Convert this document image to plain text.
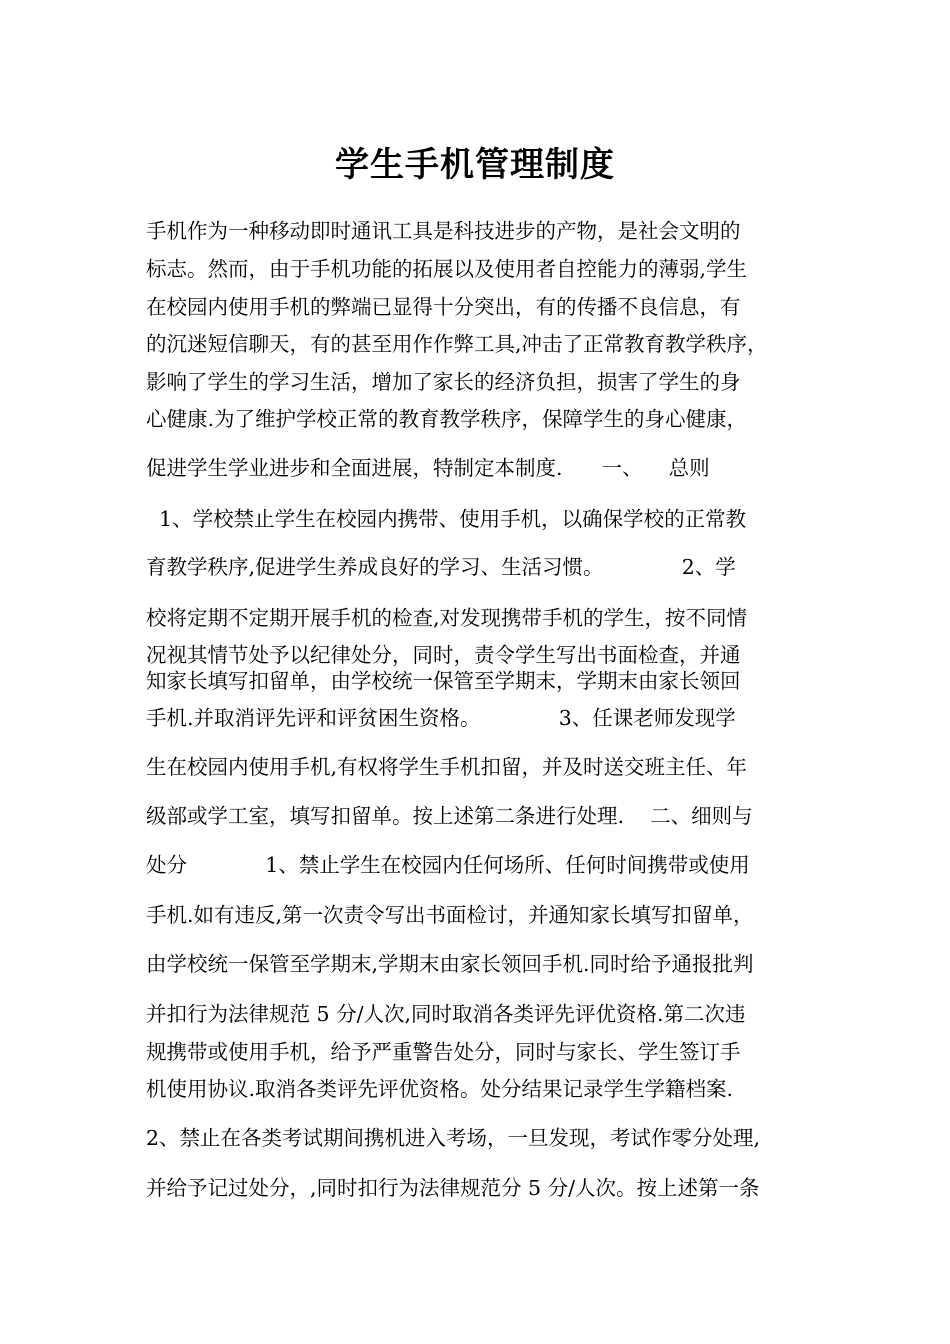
学生手机管理制度
手机作为一种移动即时通讯工具是科技进步的产物，是社会文明的
标志。然而，由于手机功能的拓展以及使用者自控能力的薄弱,学生
在校园内使用手机的弊端已显得十分突出，有的传播不良信息，有
的沉迷短信聊天，有的甚至用作作弊工具,冲击了正常教育教学秩序，
影响了学生的学习生活，增加了家长的经济负担，损害了学生的身
心健康.为了维护学校正常的教育教学秩序，保障学生的身心健康，
促进学生学业进步和全面进展，特制定本制度.      一、    总则
1、学校禁止学生在校园内携带、使用手机，以确保学校的正常教
育教学秩序,促进学生养成良好的学习、生活习惯。            2、学
校将定期不定期开展手机的检查,对发现携带手机的学生，按不同情
况视其情节处予以纪律处分，同时，责令学生写出书面检查，并通
知家长填写扣留单，由学校统一保管至学期末，学期末由家长领回
手机.并取消评先评和评贫困生资格。            3、任课老师发现学
生在校园内使用手机,有权将学生手机扣留，并及时送交班主任、年
级部或学工室，填写扣留单。按上述第二条进行处理.    二、细则与
处分            1、禁止学生在校园内任何场所、任何时间携带或使用
手机.如有违反,第一次责令写出书面检讨，并通知家长填写扣留单，
由学校统一保管至学期末,学期末由家长领回手机.同时给予通报批判
并扣行为法律规范 5 分/人次,同时取消各类评先评优资格.第二次违
规携带或使用手机，给予严重警告处分，同时与家长、学生签订手
机使用协议.取消各类评先评优资格。处分结果记录学生学籍档案.
2、禁止在各类考试期间携机进入考场，一旦发现，考试作零分处理,
并给予记过处分，,同时扣行为法律规范分 5 分/人次。按上述第一条
